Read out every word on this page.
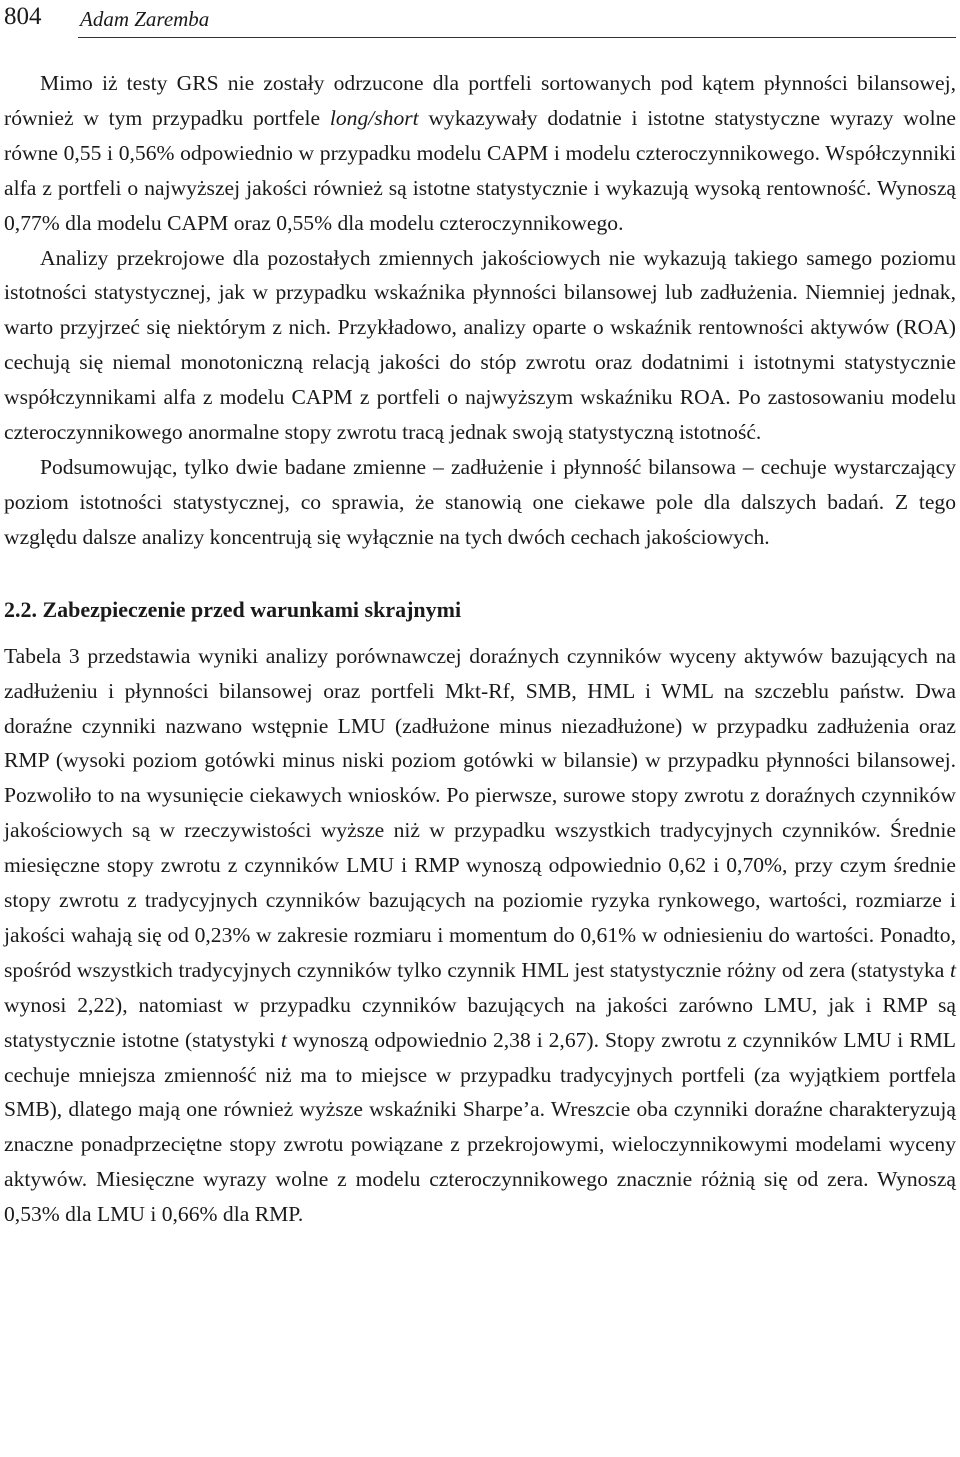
804 Adam Zaremba

Mimo iż testy GRS nie zostały odrzucone dla portfeli sortowanych pod kątem płynności bilansowej, również w tym przypadku portfele long/short wykazywały dodatnie i istotne statystyczne wyrazy wolne równe 0,55 i 0,56% odpowiednio w przypadku modelu CAPM i modelu czteroczynnikowego. Współczynniki alfa z portfeli o najwyższej jakości również są istotne statystycznie i wykazują wysoką rentowność. Wynoszą 0,77% dla modelu CAPM oraz 0,55% dla modelu czteroczynnikowego.

Analizy przekrojowe dla pozostałych zmiennych jakościowych nie wykazują takiego samego poziomu istotności statystycznej, jak w przypadku wskaźnika płynności bilansowej lub zadłużenia. Niemniej jednak, warto przyjrzeć się niektórym z nich. Przykładowo, analizy oparte o wskaźnik rentowności aktywów (ROA) cechują się niemal monotoniczną relacją jakości do stóp zwrotu oraz dodatnimi i istotnymi statystycznie współczynnikami alfa z modelu CAPM z portfeli o najwyższym wskaźniku ROA. Po zastosowaniu modelu czteroczynnikowego anormalne stopy zwrotu tracą jednak swoją statystyczną istotność.

Podsumowując, tylko dwie badane zmienne – zadłużenie i płynność bilansowa – cechuje wystarczający poziom istotności statystycznej, co sprawia, że stanowią one ciekawe pole dla dalszych badań. Z tego względu dalsze analizy koncentrują się wyłącznie na tych dwóch cechach jakościowych.

2.2. Zabezpieczenie przed warunkami skrajnymi

Tabela 3 przedstawia wyniki analizy porównawczej doraźnych czynników wyceny aktywów bazujących na zadłużeniu i płynności bilansowej oraz portfeli Mkt-Rf, SMB, HML i WML na szczeblu państw. Dwa doraźne czynniki nazwano wstępnie LMU (zadłużone minus niezadłużone) w przypadku zadłużenia oraz RMP (wysoki poziom gotówki minus niski poziom gotówki w bilansie) w przypadku płynności bilansowej. Pozwoliło to na wysunięcie ciekawych wniosków. Po pierwsze, surowe stopy zwrotu z doraźnych czynników jakościowych są w rzeczywistości wyższe niż w przypadku wszystkich tradycyjnych czynników. Średnie miesięczne stopy zwrotu z czynników LMU i RMP wynoszą odpowiednio 0,62 i 0,70%, przy czym średnie stopy zwrotu z tradycyjnych czynników bazujących na poziomie ryzyka rynkowego, wartości, rozmiarze i jakości wahają się od 0,23% w zakresie rozmiaru i momentum do 0,61% w odniesieniu do wartości. Ponadto, spośród wszystkich tradycyjnych czynników tylko czynnik HML jest statystycznie różny od zera (statystyka t wynosi 2,22), natomiast w przypadku czynników bazujących na jakości zarówno LMU, jak i RMP są statystycznie istotne (statystyki t wynoszą odpowiednio 2,38 i 2,67). Stopy zwrotu z czynników LMU i RML cechuje mniejsza zmienność niż ma to miejsce w przypadku tradycyjnych portfeli (za wyjątkiem portfela SMB), dlatego mają one również wyższe wskaźniki Sharpe’a. Wreszcie oba czynniki doraźne charakteryzują znaczne ponadprzeciętne stopy zwrotu powiązane z przekrojowymi, wieloczynnikowymi modelami wyceny aktywów. Miesięczne wyrazy wolne z modelu czteroczynnikowego znacznie różnią się od zera. Wynoszą 0,53% dla LMU i 0,66% dla RMP.
